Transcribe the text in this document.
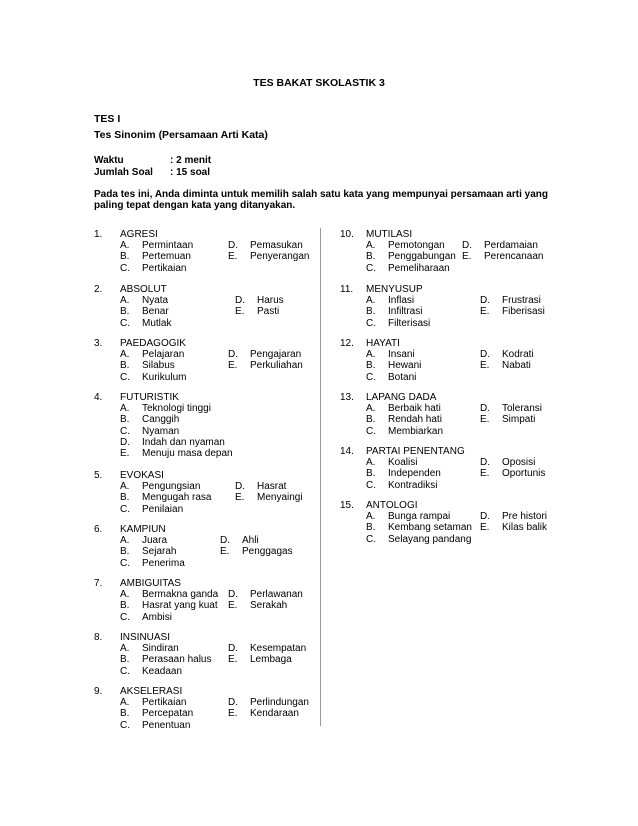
TES BAKAT SKOLASTIK 3
TES I
Tes Sinonim (Persamaan Arti Kata)
Waktu	: 2 menit
Jumlah Soal : 15 soal
Pada tes ini, Anda diminta untuk memilih salah satu kata yang mempunyai persamaan arti yang
paling tepat dengan kata yang ditanyakan.
1. AGRESI
A. Permintaan	D. Pemasukan
B. Pertemuan	E. Penyerangan
C. Pertikaian
2. ABSOLUT
A. Nyata	D. Harus
B. Benar	E. Pasti
C. Mutlak
3. PAEDAGOGIK
A. Pelajaran	D. Pengajaran
B. Silabus	E. Perkuliahan
C. Kurikulum
4. FUTURISTIK
A. Teknologi tinggi
B. Canggih
C. Nyaman
D. Indah dan nyaman
E. Menuju masa depan
5. EVOKASI
A. Pengungsian	D. Hasrat
B. Mengugah rasa E. Menyaingi
C. Penilaian
6. KAMPIUN
A. Juara	D. Ahli
B. Sejarah	E. Penggagas
C. Penerima
7. AMBIGUITAS
A. Bermakna ganda D. Perlawanan
B. Hasrat yang kuat E. Serakah
C. Ambisi
8. INSINUASI
A. Sindiran	D. Kesempatan
B. Perasaan halus E. Lembaga
C. Keadaan
9. AKSELERASI
A. Pertikaian	D. Perlindungan
B. Percepatan	E. Kendaraan
C. Penentuan
10. MUTILASI
A. Pemotongan D. Perdamaian
B. Penggabungan E. Perencanaan
C. Pemeliharaan
11. MENYUSUP
A. Inflasi	D. Frustrasi
B. Infiltrasi	E. Fiberisasi
C. Filterisasi
12. HAYATI
A. Insani	D. Kodrati
B. Hewani	E. Nabati
C. Botani
13. LAPANG DADA
A. Berbaik hati	D. Toleransi
B. Rendah hati	E. Simpati
C. Membiarkan
14. PARTAI PENENTANG
A. Koalisi	D. Oposisi
B. Independen	E. Oportunis
C. Kontradiksi
15. ANTOLOGI
A. Bunga rampai	D. Pre histori
B. Kembang setaman E. Kilas balik
C. Selayang pandang
